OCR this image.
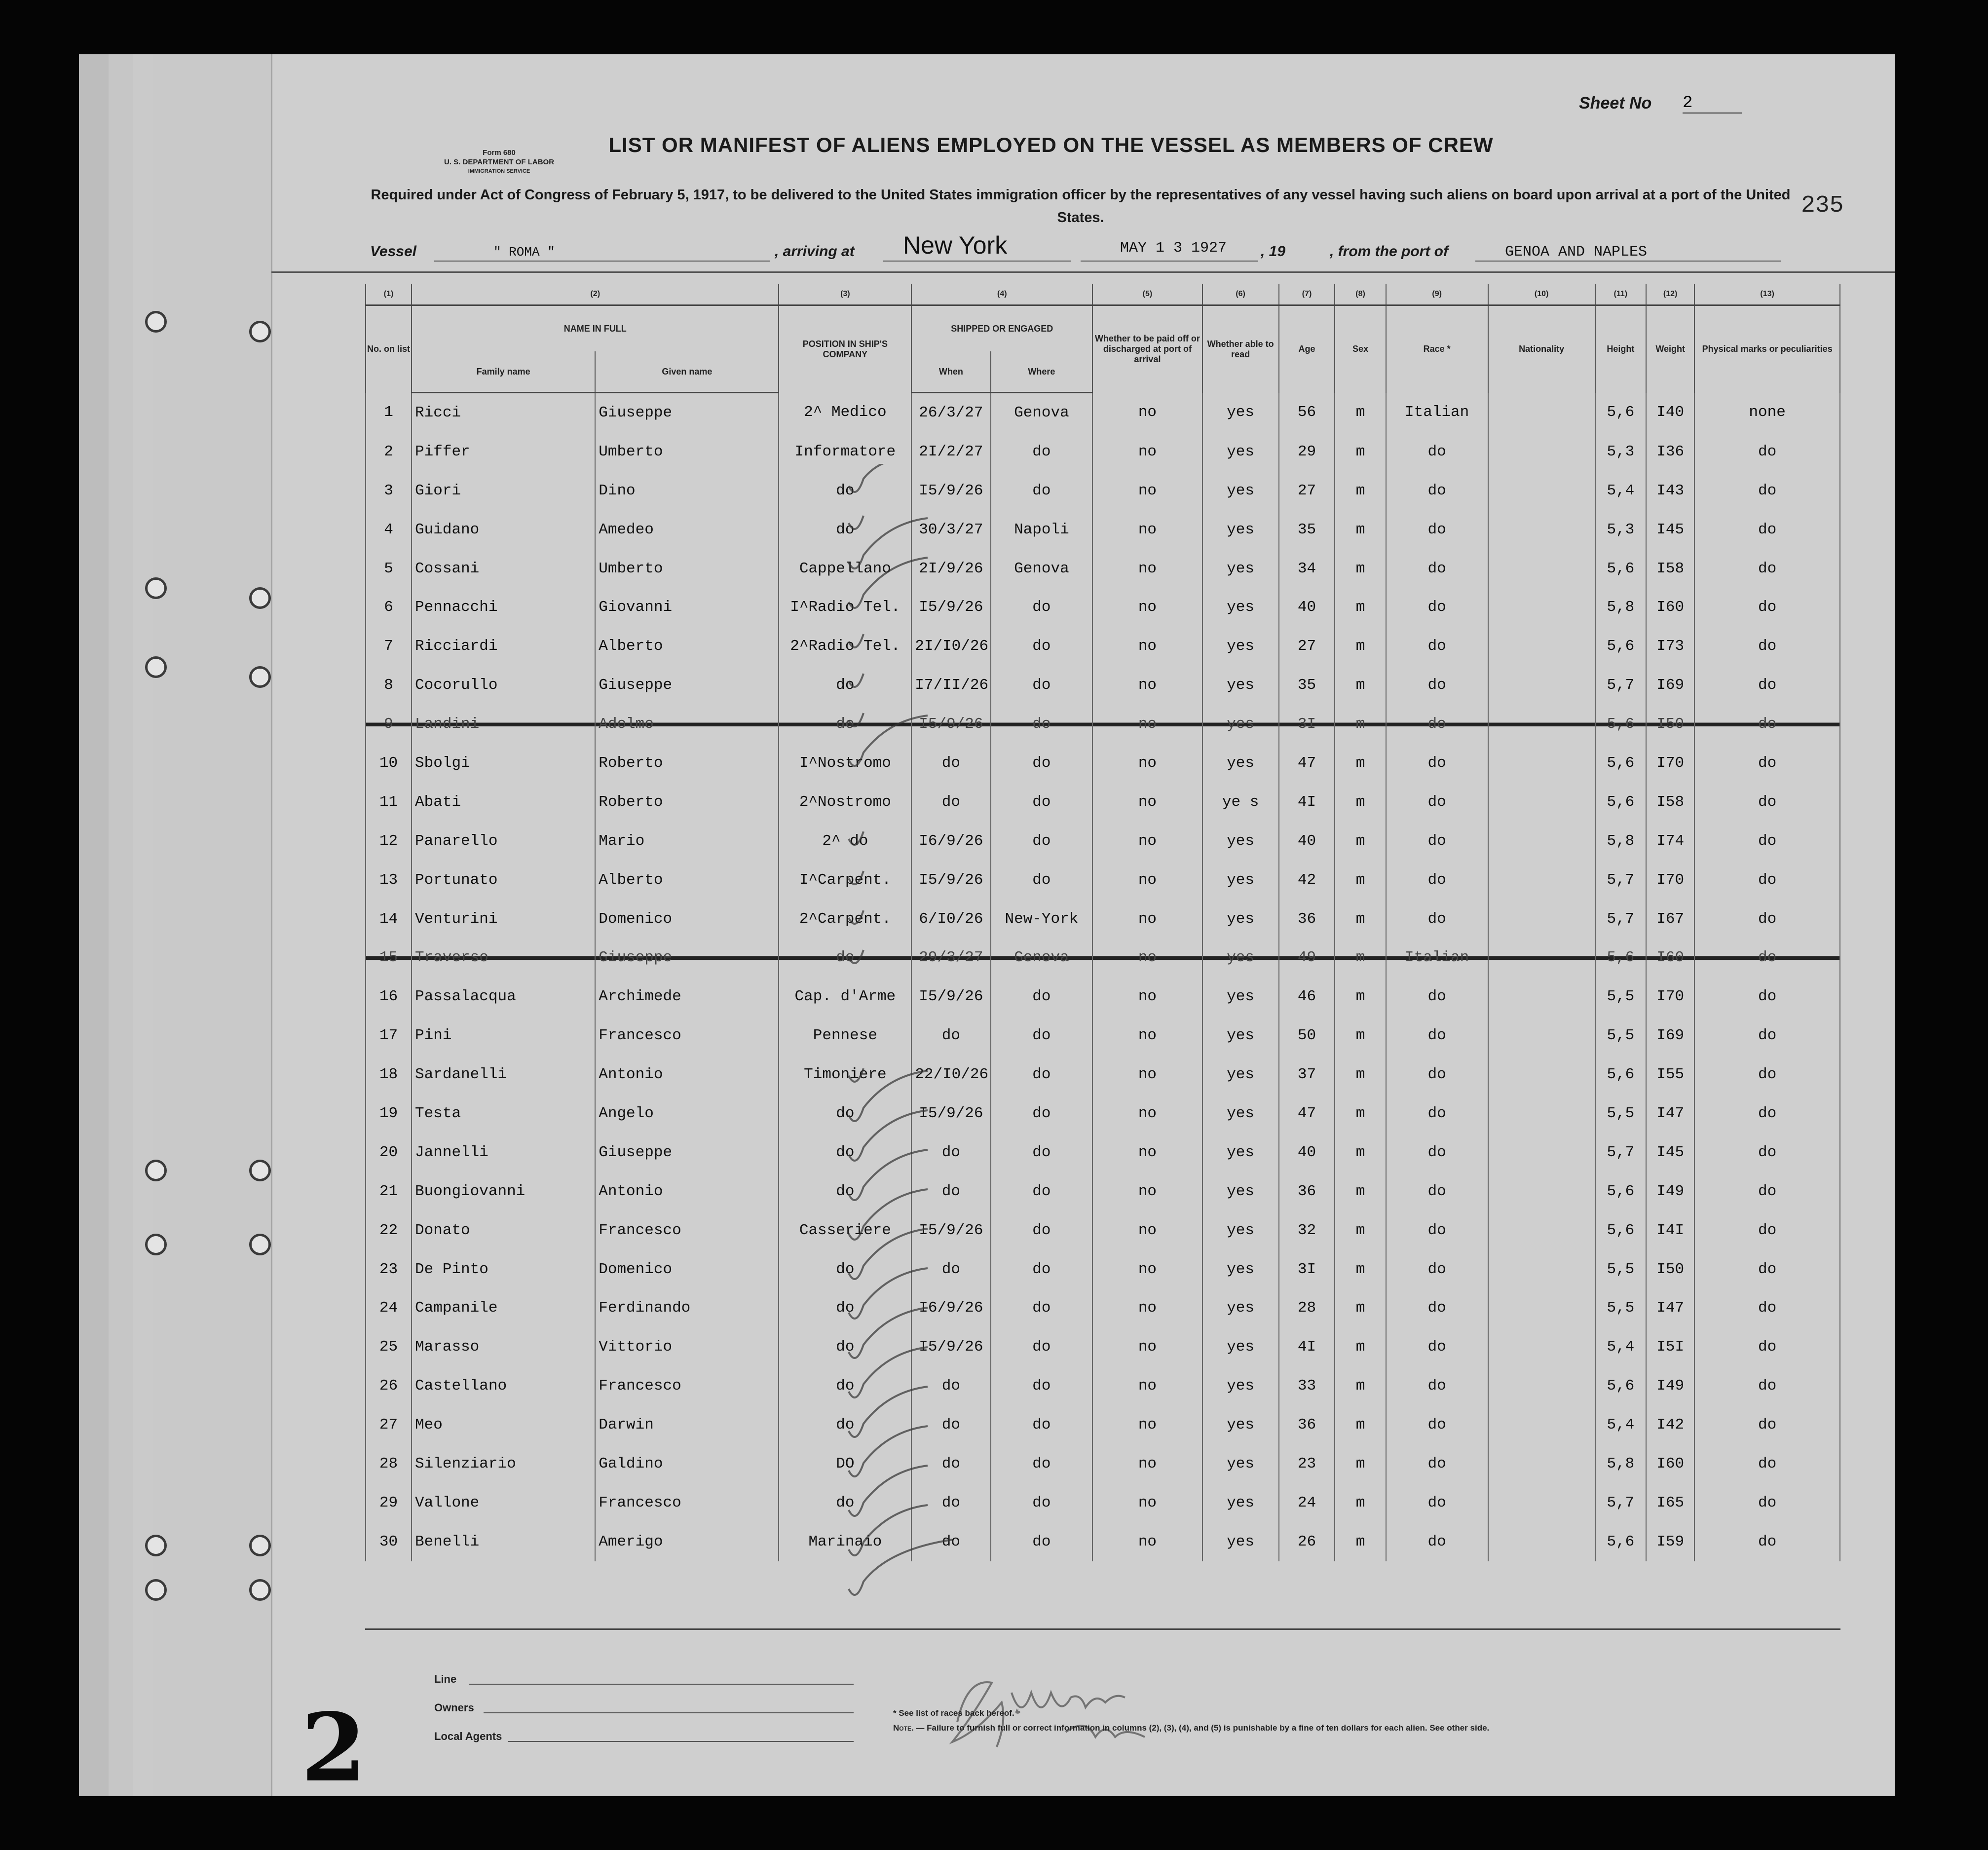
Form 680
U. S. DEPARTMENT OF LABOR
IMMIGRATION SERVICE
Sheet No 2
LIST OR MANIFEST OF ALIENS EMPLOYED ON THE VESSEL AS MEMBERS OF CREW
Required under Act of Congress of February 5, 1917, to be delivered to the United States immigration officer by the representatives of any vessel having such aliens on board upon arrival at a port of the United States.	235
Vessel	" ROMA "	, arriving at New York	MAY 1 3 1927 , 19	, from the port of	GENOA AND NAPLES
(1)	(2)		(3)	(4)		(5)	(6)	(7)	(8)	(9)	(10)	(11)	(12)	(13)
No. on list	NAME IN FULL		POSITION IN SHIP'S COMPANY	SHIPPED OR ENGAGED		Whether to be paid off or discharged at port of arrival	Whether able to read	Age	Sex	Race *	Nationality	Height	Weight	Physical marks or peculiarities
	Family name	Given name		When	Where									
1	Ricci	Giuseppe	2^ Medico	26/3/27	Genova	no	yes	56	m	Italian		5,6	I40	none
2	Piffer	Umberto	Informatore	2I/2/27	do	no	yes	29	m	do		5,3	I36	do
3	Giori	Dino	do	I5/9/26	do	no	yes	27	m	do		5,4	I43	do
4	Guidano	Amedeo	do	30/3/27	Napoli	no	yes	35	m	do		5,3	I45	do
5	Cossani	Umberto	Cappellano	2I/9/26	Genova	no	yes	34	m	do		5,6	I58	do
6	Pennacchi	Giovanni	I^Radio Tel.	I5/9/26	do	no	yes	40	m	do		5,8	I60	do
7	Ricciardi	Alberto	2^Radio Tel.	2I/I0/26	do	no	yes	27	m	do		5,6	I73	do
8	Cocorullo	Giuseppe	do	I7/II/26	do	no	yes	35	m	do		5,7	I69	do
9	Landini	Adolmo	do	I5/9/26	do	no	yes	3I	m	do		5,6	I50	do
10	Sbolgi	Roberto	I^Nostromo	do	do	no	yes	47	m	do		5,6	I70	do
11	Abati	Roberto	2^Nostromo	do	do	no	ye s	4I	m	do		5,6	I58	do
12	Panarello	Mario	2^ do	I6/9/26	do	no	yes	40	m	do		5,8	I74	do
13	Portunato	Alberto	I^Carpent.	I5/9/26	do	no	yes	42	m	do		5,7	I70	do
14	Venturini	Domenico	2^Carpent.	6/I0/26	New-York	no	yes	36	m	do		5,7	I67	do
15	Traverso	Giuseppe	do	29/3/27	Genova	no	yes	49	m	Italian		5,6	I60	do
16	Passalacqua	Archimede	Cap. d'Arme	I5/9/26	do	no	yes	46	m	do		5,5	I70	do
17	Pini	Francesco	Pennese	do	do	no	yes	50	m	do		5,5	I69	do
18	Sardanelli	Antonio	Timoniere	22/I0/26	do	no	yes	37	m	do		5,6	I55	do
19	Testa	Angelo	do	I5/9/26	do	no	yes	47	m	do		5,5	I47	do
20	Jannelli	Giuseppe	do	do	do	no	yes	40	m	do		5,7	I45	do
21	Buongiovanni	Antonio	do	do	do	no	yes	36	m	do		5,6	I49	do
22	Donato	Francesco	Casseriere	I5/9/26	do	no	yes	32	m	do		5,6	I4I	do
23	De Pinto	Domenico	do	do	do	no	yes	3I	m	do		5,5	I50	do
24	Campanile	Ferdinando	do	I6/9/26	do	no	yes	28	m	do		5,5	I47	do
25	Marasso	Vittorio	do	I5/9/26	do	no	yes	4I	m	do		5,4	I5I	do
26	Castellano	Francesco	do	do	do	no	yes	33	m	do		5,6	I49	do
27	Meo	Darwin	do	do	do	no	yes	36	m	do		5,4	I42	do
28	Silenziario	Galdino	DO	do	do	no	yes	23	m	do		5,8	I60	do
29	Vallone	Francesco	do	do	do	no	yes	24	m	do		5,7	I65	do
30	Benelli	Amerigo	Marinaio	do	do	no	yes	26	m	do		5,6	I59	do
J. Miceli Insp
2
Line
Owners
Local Agents
* See list of races back hereof.
Note. — Failure to furnish full or correct information in columns (2), (3), (4), and (5) is punishable by a fine of ten dollars for each alien. See other side.
